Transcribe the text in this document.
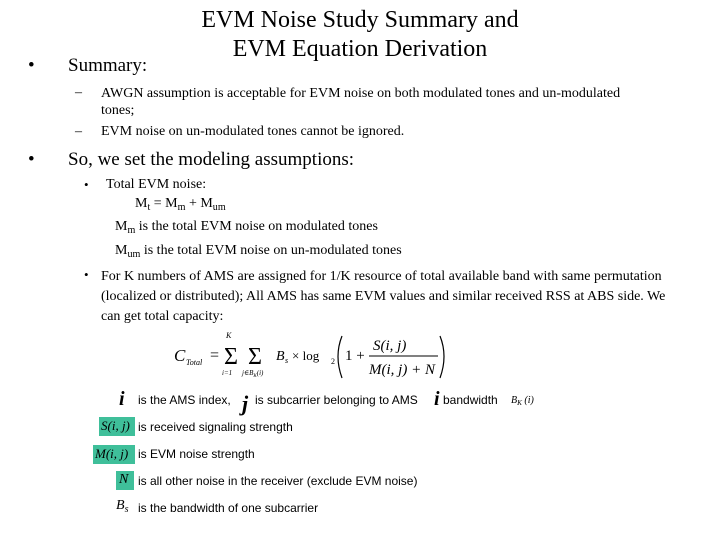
EVM Noise Study Summary and
EVM Equation Derivation
• Summary:
– AWGN assumption is acceptable for EVM noise on both modulated tones and un-modulated tones;
– EVM noise on un-modulated tones cannot be ignored.
• So, we set the modeling assumptions:
• Total EVM noise:
$M_t = M_m + M_{um}$
$M_m$ is the total EVM noise on modulated tones
$M_{um}$ is the total EVM noise on un-modulated tones
• For K numbers of AMS are assigned for 1/K resource of total available band with same permutation (localized or distributed); All AMS has same EVM values and similar received RSS at ABS side. We can get total capacity:
C Total =
K
Σ
i=1
Σ
$j\in B_K(i)$
B s × log 2 1 +
S(i, j)
M(i, j) + N
i is the AMS index, j is subcarrier belonging to AMS i bandwidth $B_K$ (i)
S(i, j) is received signaling strength
M(i, j) is EVM noise strength
N is all other noise in the receiver (exclude EVM noise)
$B_s$ is the bandwidth of one subcarrier
